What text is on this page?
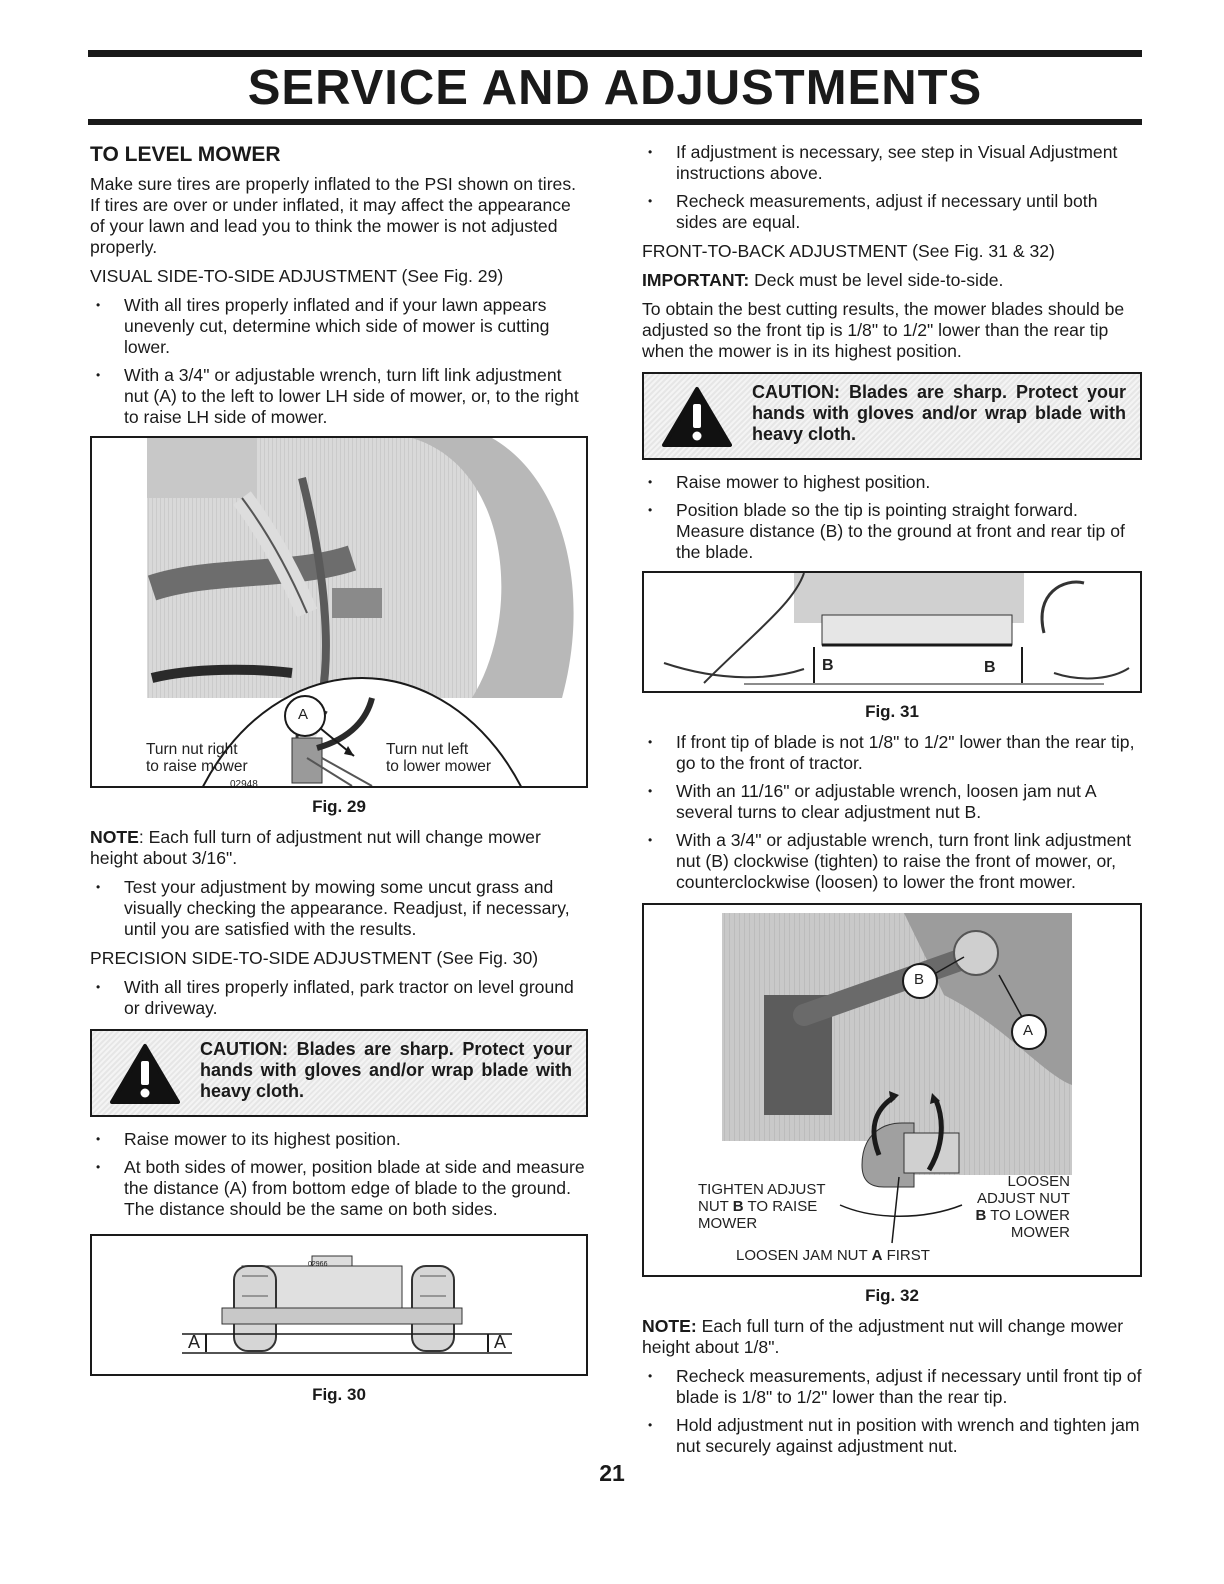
SERVICE AND ADJUSTMENTS
TO LEVEL MOWER

Make sure tires are properly inflated to the PSI shown on tires. If tires are over or under inflated, it may affect the appearance of your lawn and lead you to think the mower is not adjusted properly.

VISUAL SIDE-TO-SIDE ADJUSTMENT (See Fig. 29)
• With all tires properly inflated and if your lawn appears unevenly cut, determine which side of mower is cutting lower.
• With a 3/4" or adjustable wrench, turn lift link adjustment nut (A) to the left to lower LH side of mower, or, to the right to raise LH side of mower.
A
Turn nut right
to raise mower
Turn nut left
to lower mower
02948
Fig. 29

NOTE: Each full turn of adjustment nut will change mower height about 3/16".

• Test your adjustment by mowing some uncut grass and visually checking the appearance. Readjust, if necessary, until you are satisfied with the results.
PRECISION SIDE-TO-SIDE ADJUSTMENT (See Fig. 30)
• With all tires properly inflated, park tractor on level ground or driveway.
CAUTION: Blades are sharp. Protect your hands with gloves and/or wrap blade with heavy cloth.
• Raise mower to its highest position.
• At both sides of mower, position blade at side and measure the distance (A) from bottom edge of blade to the ground. The distance should be the same on both sides.
A	A
02966
Fig. 30
• If adjustment is necessary, see step in Visual Adjustment instructions above.
• Recheck measurements, adjust if necessary until both sides are equal.
FRONT-TO-BACK ADJUSTMENT (See Fig. 31 & 32)

IMPORTANT: Deck must be level side-to-side.

To obtain the best cutting results, the mower blades should be adjusted so the front tip is 1/8" to 1/2" lower than the rear tip when the mower is in its highest position.

CAUTION: Blades are sharp. Protect your hands with gloves and/or wrap blade with heavy cloth.
• Raise mower to highest position.
• Position blade so the tip is pointing straight forward. Measure distance (B) to the ground at front and rear tip of the blade.
B	B
Fig. 31
• If front tip of blade is not 1/8" to 1/2" lower than the rear tip, go to the front of tractor.
• With an 11/16" or adjustable wrench, loosen jam nut A several turns to clear adjustment nut B.
• With a 3/4" or adjustable wrench, turn front link adjustment nut (B) clockwise (tighten) to raise the front of mower, or, counterclockwise (loosen) to lower the front mower.
B
A
TIGHTEN ADJUST
NUT B TO RAISE
MOWER
LOOSEN
ADJUST NUT
B TO LOWER
MOWER
LOOSEN JAM NUT A FIRST
Fig. 32

NOTE: Each full turn of the adjustment nut will change mower height about 1/8".

• Recheck measurements, adjust if necessary until front tip of blade is 1/8" to 1/2" lower than the rear tip.
• Hold adjustment nut in position with wrench and tighten jam nut securely against adjustment nut.
21
